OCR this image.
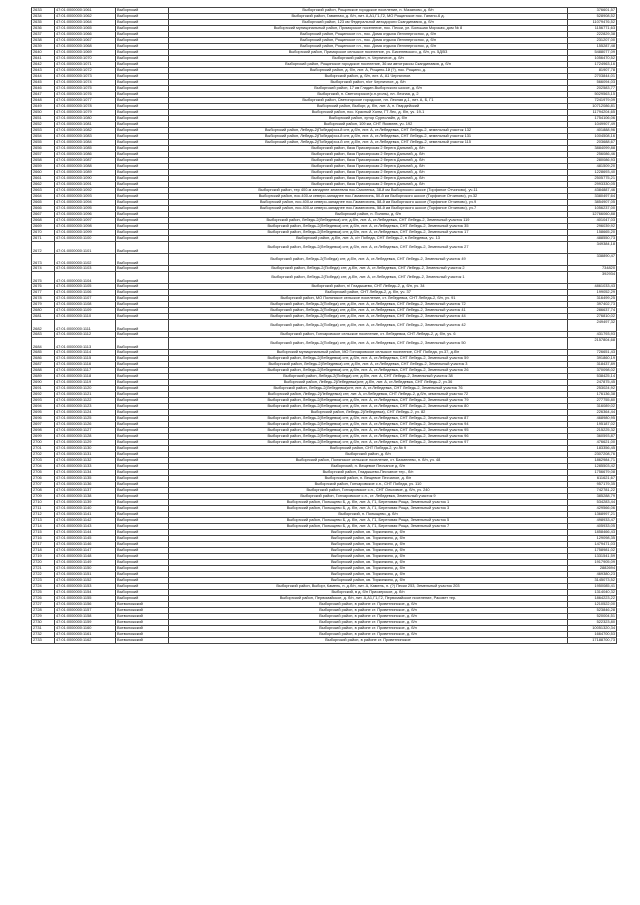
2633	47:01:0000000:1061	Выборгский	Выборгский район, Рощинское городское поселение, п. Мазаново, д. б/н	376601,57
2634	47:01:0000000:1062	Выборгский	Выборгский район, Гаванная, д. б/н, лит. А,А1,Г1,Г2, МО Рощинское пос. Ганино-6 д.	528908,52
2635	47:01:0000000:1064	Выборгский	Выборгский район, 123 км Федеральной автодороги Скандинавия, д. б/н	11079476,52
2636	47:01:0000000:1065	Выборгский	Выборгский муниципальный район, Приморское поселение, пос. Пески, ул. Большая Морская, дом № 8	1156771,63
2637	47:01:0000000:1066	Выборгский	Выборгский район, Рощинское г.п., пос. Дома отдыха Ленэнергоспос, д. б/н	222829,38
2638	47:01:0000000:1067	Выборгский	Выборгский район, Рощинское г.п., пос. Дома отдыха Ленэнергоспос, д. б/н	231207,00
2639	47:01:0000000:1068	Выборгский	Выборгский район, Рощинское г.п., пос. Дома отдыха Ленэнергоспос, д. б/н	155287,48
2640	47:01:0000000:1069	Выборгский	Выборгский район, Приморское сельское поселение, уч. Бисеневского, д. б/н, уч. 5Д/53	5488077,09
2641	47:01:0000000:1070	Выборгский	Выборгский район, п. Черничное, д. б/н	1056470,52
2642	47:01:0000000:1071	Выборгский	Выборгский район, Рощинское городское поселение, 36 км автотрассы Скандинавия, д. б/н	1724963,16
2643	47:01:0000000:1072	Выборгский	Выборгский район, д. б/н, лит. А, Рощино-1й (?), пос. Рощино, д.	81907,78
2644	47:01:0000000:1073	Выборгский	Выборгский район, д. б/н, лит. А, А1 Черничное.	2703844,01
2645	47:01:0000000:1074	Выборгский	Выборгский район, п/ст Черничное, д. б/н	566094,03
2646	47:01:0000000:1075	Выборгский	Выборгский район, 17 км Гладин-Выборгского шоссе, д. б/н	202583,77
2647	47:01:0000000:1076	Выборгский	Выборгский, п. Светогорское(с.п.уголь), пл. Лесная, д. 2	5029563,15
2648	47:01:0000000:1077	Выборгский	Выборгский район, Светогорское городское, пл. Лесная д.1, лит. А, Б, Г1	7241979,09
2649	47:01:0000000:1078	Выборгский	Выборгский район, Выборг, д. б/н, лит. А, п. Гвардейский	10712086,81
2650	47:01:0000000:1079	Выборгский	Выборгский район, пос. Красный Холм, ГТ Лес, д. б/н, уч. 19-1	11794204,65
2651	47:01:0000000:1080	Выборгский	Выборгский район, хутор Сурнолайн, д. б/н	1754106,06
2652	47:01:0000000:1081	Выборгский	Выборгский район, 109 км, СНТ Яковлев, уч. 192	1049907,49
2653	47:01:0000000:1082	Выборгский	Выборгский район, Лебедь-2(Победа)хоз-й снт, д.б/н, лит. А, ст.Лебедевка, СНТ Лебедь-2, земельный участок 132	401888,96
2654	47:01:0000000:1083	Выборгский	Выборгский район, Лебедь-2(Победа)хоз-й снт, д.б/н, лит. А, ст.Лебедевка, СНТ Лебедь-2, земельный участок 131	1004508,16
2655	47:01:0000000:1084	Выборгский	Выборгский район, Лебедь-2(Победа)хоз-й снт, д.б/н, лит. А, ст.Лебедевка, СНТ Лебедь-2, земельный участок 115	203688,67
2656	47:01:0000000:1085	Выборгский	Выборгский район, база Приозерская 2 берега Дальний, д. б/н	3884099,88
2657	47:01:0000000:1086	Выборгский	Выборгский район, база Приозерская 2 берега Дальний, д. б/н	256086,46
2658	47:01:0000000:1087	Выборгский	Выборгский район, база Приозерская 2 берега Дальний, д. б/н	280086,93
2659	47:01:0000000:1088	Выборгский	Выборгский район, база Приозерская 2 берега Дальний, д. б/н	481509,20
2660	47:01:0000000:1089	Выборгский	Выборгский район, база Приозерская 2 берега Дальний, д. б/н	1228693,40
2661	47:01:0000000:1090	Выборгский	Выборгский район, база Приозерская 2 берега Дальний, д. б/н	2505775,21
2662	47:01:0000000:1091	Выборгский	Выборгский район, база Приозерская 2 берега Дальний, д. б/н	2993330,05
2663	47:01:0000000:1092	Выборгский	Выборгский район, тер 400-м западнее землевла пос.Смоленка, 38-й км Выборгского шоссе (Торфяное Отчиново), уч.11	4384887,46
2664	47:01:0000000:1093	Выборгский	Выборгский район, пос.400-м северо-западнее пос.Гаманихинь, 50-й км Выборгского шоссе (Торфяное Отчиново), уч.32	3380497,64
2665	47:01:0000000:1094	Выборгский	Выборгский район, пос.400-м северо-западнее пос.Гаманихинь, 58-й км Выборгского шоссе (Торфяное Отчиново), уч.9	3854907,05
2666	47:01:0000000:1095	Выборгский	Выборгский район, пос.400-м северо-западнее пос.Гаманихинь, 58-й км Выборгского шоссе (Торфяное Отчиново), уч.7	1056237,00
2667	47:01:0000000:1096	Выборгский	Выборгский район, п. Поляны, д. б/н	12766060,88
2668	47:01:0000000:1097	Выборгский	Выборгский район, Лебедь-2(Лебедевка) снт, д.б/н, лит. А, ст.Лебедевка, СНТ Лебедь-2, Земельный участок 119	401047,03
2669	47:01:0000000:1098	Выборгский	Выборгский район, Лебедь-2(Лебедевка) снт, д.б/н, лит. А, ст.Лебедевка, СНТ Лебедь-2, Земельный участок 35	296039,92
2670	47:01:0000000:1099	Выборгский	Выборгский район, Лебедь-2(Лебедевка) снт, д.б/н, лит. А, ст.Лебедевка, СНТ Лебедь-2, Земельный участок 17	158665,20
2671	47:01:0000000:1100	Выборгский	Выборгский район, д.б/н, лит. А, с/т Победа, СНТ Лебедь-2, в Лебедевка, уч. 13	488550,73
2672	47:01:0000000:1101	Выборгский	Выборгский район, Лебедь-2(Лебедевка) снт, д.б/н, лит. А, ст.Лебедевка, СНТ Лебедь-2, Земельный участок 27	349384,18
2673	47:01:0000000:1102	Выборгский	Выборгский район, Лебедь-2(Победа) снт, д.б/н, лит. А, ст.Лебедевка, СНТ Лебедь-2, Земельный участок 49	338890,47
2674	47:01:0000000:1103	Выборгский	Выборгский район, Лебедь-2(Победа) снт, д.б/н, лит. А, ст.Лебедевка, СНТ Лебедь-2, Земельный участок 2	734820
2675	47:01:0000000:1104	Выборгский	Выборгский район, Лебедь-2(Победа) снт, д.б/н, лит. А, ст.Лебедевка, СНТ Лебедь-2, Земельный участок 1	392934
2676	47:01:0000000:1105	Выборгский	Выборгский район, п/ Гладышево, СНТ Лебедь-2, д. б/н, уч. 34	4861033,43
2677	47:01:0000000:1106	Выборгский	Выборгский район, СНТ Лебедь-2, д. б/н, уч. 37	199052,29
2678	47:01:0000000:1107	Выборгский	Выборгский район, МО Полянское сельское поселение, ст. Лебедевка, СНТ Лебедь-2, б/н, уч. 91	316499,25
2679	47:01:0000000:1108	Выборгский	Выборгский район, Лебедь-2(Победа) снт, д.б/н, лит. А, ст.Лебедевка, СНТ Лебедь-2, Земельный участок 72	397402,73
2680	47:01:0000000:1109	Выборгский	Выборгский район, Лебедь-2(Победа) снт, д.б/н, лит. А, ст.Лебедевка, СНТ Лебедь-2, Земельный участок 41	286637,74
2681	47:01:0000000:1110	Выборгский	Выборгский район, Лебедь-2(Победа) снт, д.б/н, лит. А, ст.Лебедевка, СНТ Лебедь-2, Земельный участок 44	276810,02
2682	47:01:0000000:1111	Выборгский	Выборгский район, Лебедь-2(Победа) снт, д.б/н, лит. А, ст.Лебедевка, СНТ Лебедь-2, Земельный участок 42	249497,32
2683	47:01:0000000:1112	Выборгский	Выборгский район, Гончаровское сельское поселение, ст. Лебедевка, СНТ Лебедь-2, д. б/н, уч. 6	431793,93
2684	47:01:0000000:1113	Выборгский	Выборгский район, Лебедь-2(Победа) снт, д.б/н, лит. А, ст.Лебедевка, СНТ Лебедь-2, Земельный участок 50	2157804,68
2685	47:01:0000000:1114	Выборгский	Выборгский муниципальный район, МО Гончаровское сельское поселение, СНТ Победа, уч.37, д.б/н	726651,43
2686	47:01:0000000:1115	Выборгский	Выборгский район, Лебедь-2(Лебедевка) снт, д.б/н, лит. А, ст.Лебедевка, СНТ Лебедь-2, Земельный участок 59	391860,19
2687	47:01:0000000:1116	Выборгский	Выборгский район, Лебедь-2(Лебедевка) снт, д.б/н, лит. А, ст.Лебедевка, СНТ Лебедь-2, Земельный участок 3	318437,89
2688	47:01:0000000:1117	Выборгский	Выборгский район, Лебедь-2(Лебедевка) снт, д.б/н, лит. А, ст.Лебедевка, СНТ Лебедь-2, Земельный участок 26	370098,02
2689	47:01:0000000:1118	Выборгский	Выборгский район, Лебедь-2(Победа) снт, д.б/н, лит. А, СНТ Лебедь-2, Земельный участок 38	538425,14
2690	47:01:0000000:1119	Выборгский	Выборгский район, Лебедь-2(Лебедевка)снт, д.б/н, лит. А, ст.Лебедевка, СНТ Лебедь-2, уч.36	247875,45
2691	47:01:0000000:1120	Выборгский	Выборгский район, Лебедь-2(Лебедевка)снт, лит. А, ст.Лебедевка, СНТ Лебедь-2, Земельный участок 76	253024,92
2692	47:01:0000000:1121	Выборгский	Выборгский район, Лебедь-2(Лебедевка) снт, лит. А, ст.Лебедевка, СНТ Лебедь-2, д.б/н, земельный участок 72	176136,38
2693	47:01:0000000:1122	Выборгский	Выборгский район, Лебедь-2(Лебедевка) снт, д.б/н, лит. А, ст.Лебедевка, СНТ Лебедь-2, Земельный участок 79	277755,80
2694	47:01:0000000:1123	Выборгский	Выборгский район, Лебедь-2(Лебедевка) снт, д.б/н, лит. А, ст.Лебедевка, СНТ Лебедь-2, Земельный участок 80	316089,02
2695	47:01:0000000:1124	Выборгский	Выборгский район, Лебедь-2(Лебедевка), СНТ Лебедь-2, уч. 82	226364,44
2696	47:01:0000000:1125	Выборгский	Выборгский район, Лебедь-2(Лебедевка) снт, д.б/н, лит. А, ст.Лебедевка, СНТ Лебедь-2, Земельный участок 87	468980,95
2697	47:01:0000000:1126	Выборгский	Выборгский район, Лебедь-2(Лебедевка) снт, д.б/н, лит. А, ст.Лебедевка, СНТ Лебедь-2, Земельный участок 94	195187,02
2698	47:01:0000000:1127	Выборгский	Выборгский район, Лебедь-2(Лебедевка) снт, д.б/н, лит. А, ст.Лебедевка, СНТ Лебедь-2, Земельный участок 95	215225,32
2699	47:01:0000000:1128	Выборгский	Выборгский район, Лебедь-2(Лебедевка) снт, д.б/н, лит. А, ст.Лебедевка, СНТ Лебедь-2, Земельный участок 96	360593,87
2700	47:01:0000000:1129	Выборгский	Выборгский район, Лебедь-2(Лебедевка) снт, д.б/н, лит. А, ст.Лебедевка, СНТ Лебедь-2, Земельный участок 97	476621,00
2701	47:01:0000000:1130	Выборгский	Выборгский район, СНТ Победа-2, уч.№ 9	183356,45
2702	47:01:0000000:1131	Выборгский	Выборгский район, д. б/н	2307208,76
2703	47:01:0000000:1132	Выборгский	Выборгский район, Полянское сельское поселение, ст. Бахмелево, п. б/н, уч. 48	1862984,71
2704	47:01:0000000:1133	Выборгский	Выборгский, п. Вещевое Песчаное д. б/н	1285503,42
2705	47:01:0000000:1134	Выборгский	Выборгский район, Гладышево-Песчаное тер., б/н	1756679,08
2706	47:01:0000000:1135	Выборгский	Выборгский район, п. Вещевое Песчаное, д. б/н	611621,67
2707	47:01:0000000:1136	Выборгский	Выборгский район, Гончаровское с.п., СНТ Победа, уч. 110	957179,35
2708	47:01:0000000:1137	Выборгский	Выборгский район, Гончаровское с.п., СНТ Ольховое, д. б/н, уч. 240	742781,22
2709	47:01:0000000:1138	Выборгский	Выборгский район, Гончаровское с.п., ст. Лебедевка, Земельный участок 9	385288,79
2710	47:01:0000000:1139	Выборгский	Выборгский район, Полыщево Б, д. б/н, лит. А, Г1, Береговая Роща, Земельный участок 1	534283,44
2711	47:01:0000000:1140	Выборгский	Выборгский район, Полыщево Б, д. б/н, лит. А, Г1, Береговая Роща, Земельный участок 3	429566,06
2712	47:01:0000000:1141	Выборгский	Выборгский, п. Полыщево, д. б/н	1368997,21
2713	47:01:0000000:1142	Выборгский	Выборгский район, Полыщево Б, д. б/н, лит. А, Г1, Береговая Роща, Земельный участок 5	498933,47
2714	47:01:0000000:1143	Выборгский	Выборгский район, Полыщево Б, д. б/н, лит. А, Г1, Береговая Роща, Земельный участок 7	405933,05
2715	47:01:0000000:1144	Выборгский	Выборгский район, кв. Тиркинкино, д. б/н	1858466,43
2716	47:01:0000000:1145	Выборгский	Выборгский район, кв. Тиркинкино, д. б/н	129098,35
2717	47:01:0000000:1146	Выборгский	Выборгский район, кв. Тиркинкино, д. б/н	1479471,03
2718	47:01:0000000:1147	Выборгский	Выборгский район, кв. Тиркинкино, д. б/н	1758981,02
2719	47:01:0000000:1148	Выборгский	Выборгский район, кв. Тиркинкино, д. б/н	1331541,59
2720	47:01:0000000:1149	Выборгский	Выборгский район, кв. Тиркинкино, д. б/н	1917905,09
2721	47:01:0000000:1150	Выборгский	Выборгский район, кв. Тиркинкино, д. б/н	2882694
2722	47:01:0000000:1151	Выборгский	Выборгский район, кв. Тиркинкино, д. б/н	469380,23
2723	47:01:0000000:1152	Выборгский	Выборгский район, кв. Тиркинкино, д. б/н	3145073,52
2724	47:01:0000000:1153	Выборгский	Выборгский район, Выборг, Камень, п. д.б/н, лит. А, Камень, п. (?) Пески 253, Земельный участок 203	1950085,41
2725	47:01:0000000:1154	Выборгский	Выборгский, в д. б/н Приозерское, д. б/н	1314040,32
2726	47:01:0000000:1155	Выборгский	Выборгский район, Первомайское, д. б/н, лит. А,А1,Г1,Г2, Первомайское поселение, Рассвет тер.	1864223,22
2727	47:01:0000000:1156	Всеволожский	Выборгский район, в районе ст. Приветнинское, д. б/н	1210522,00
2728	47:01:0000000:1157	Всеволожский	Выборгский район, в районе ст. Приветнинское, д. б/н	523846,28
2729	47:01:0000000:1158	Всеволожский	Выборгский район, в районе ст. Приветнинское, д. б/н	520004,51
2730	47:01:0000000:1159	Всеволожский	Выборгский район, в районе ст. Приветнинское, д. б/н	522323,80
2731	47:01:0000000:1160	Всеволожский	Выборгский район, в районе ст. Приветнинское, д. б/н	10051320,34
2732	47:01:0000000:1161	Всеволожский	Выборгский район, в районе ст. Приветнинское, д. б/н	1664700,53
2733	47:01:0000000:1162	Всеволожский	Выборгский район, в районе ст. Приветнинское	17188700,73
